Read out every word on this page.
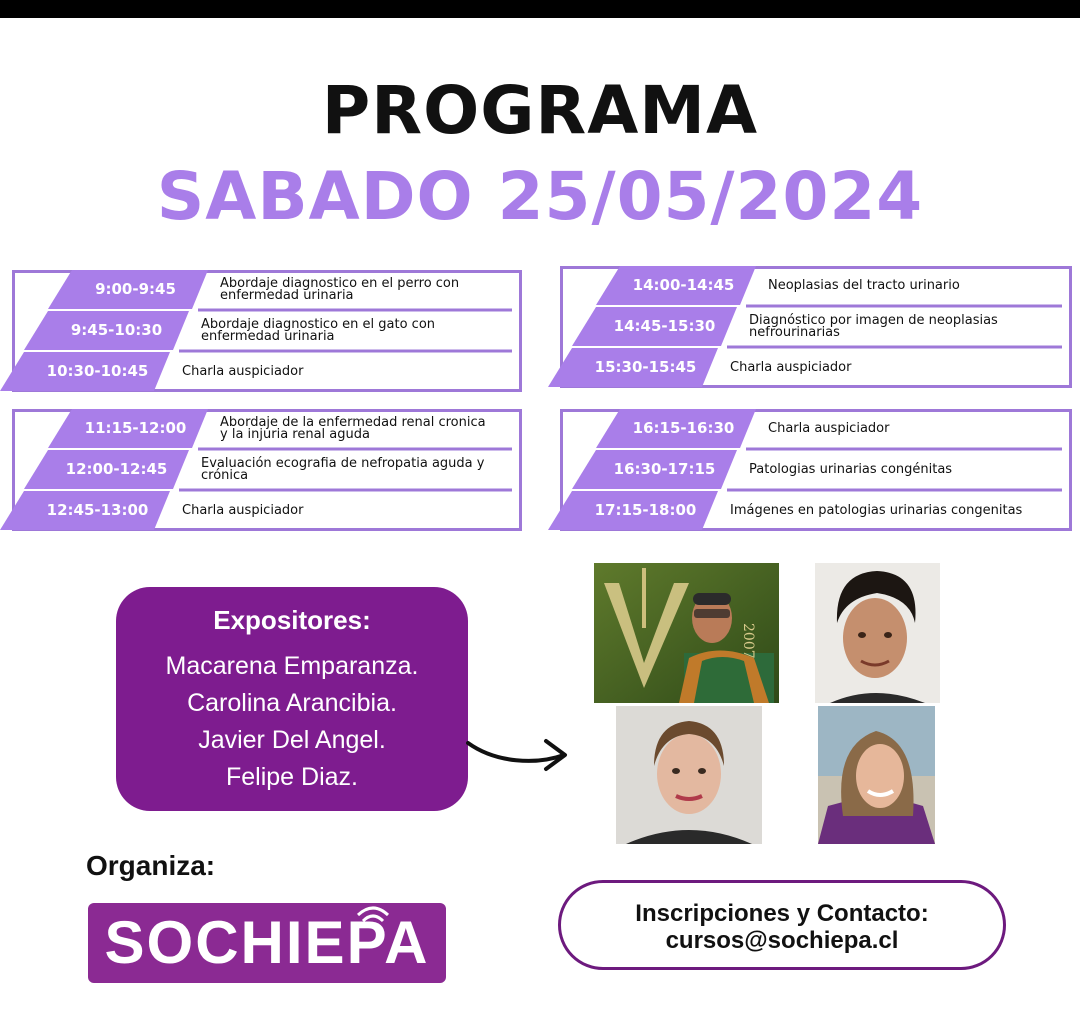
PROGRAMA
SABADO 25/05/2024
9:00-9:45	Abordaje diagnostico en el perro con
enfermedad urinaria
9:45-10:30	Abordaje diagnostico en el gato con
enfermedad urinaria
10:30-10:45	Charla auspiciador
11:15-12:00	Abordaje de la enfermedad renal cronica
y la injuria renal aguda
12:00-12:45	Evaluación ecografia de nefropatia aguda y
crónica
12:45-13:00	Charla auspiciador
14:00-14:45	Neoplasias del tracto urinario
14:45-15:30	Diagnóstico por imagen de neoplasias
nefrourinarias
15:30-15:45	Charla auspiciador
16:15-16:30	Charla auspiciador
16:30-17:15	Patologias urinarias congénitas
17:15-18:00	Imágenes en patologias urinarias congenitas
Expositores:
Macarena Emparanza.
Carolina Arancibia.
Javier Del Angel.
Felipe Diaz.
2007
Organiza:
SOCHIEPA	Inscripciones y Contacto:
cursos@sochiepa.cl
